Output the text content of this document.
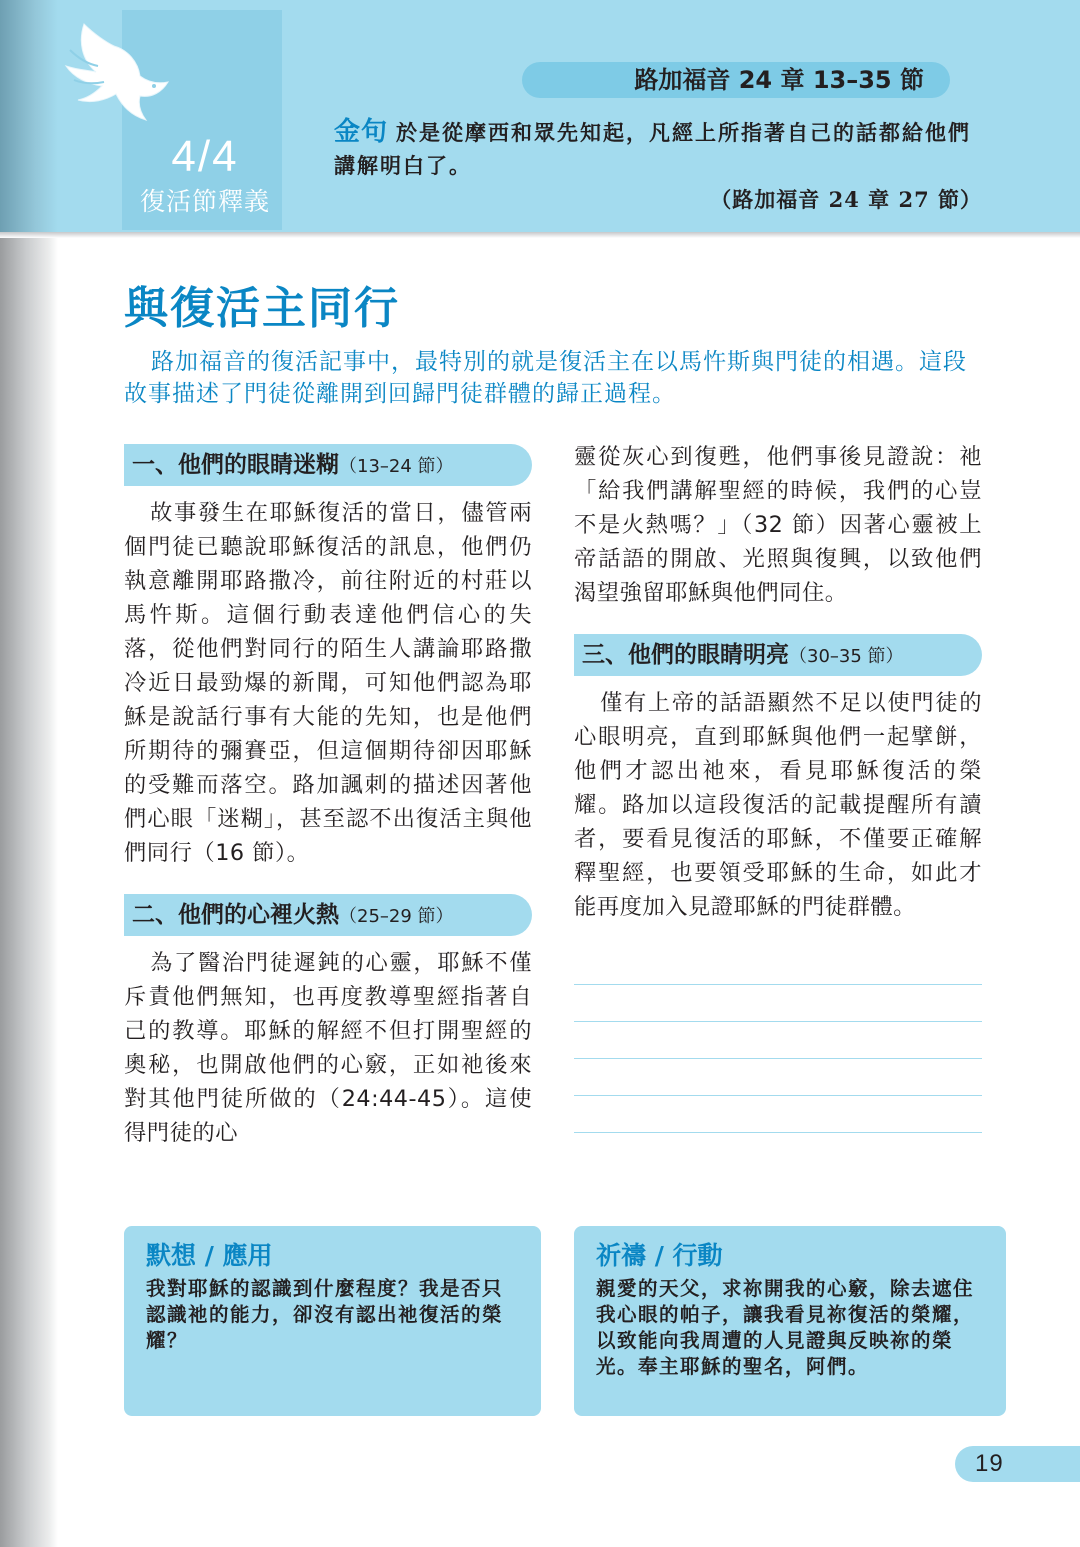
4/4
復活節釋義
路加福音 24 章 13–35 節
金句 於是從摩西和眾先知起，凡經上所指著自己的話都給他們講解明白了。
（路加福音 24 章 27 節）
與復活主同行
路加福音的復活記事中，最特別的就是復活主在以馬忤斯與門徒的相遇。這段故事描述了門徒從離開到回歸門徒群體的歸正過程。
一、他們的眼睛迷糊（13–24 節）
故事發生在耶穌復活的當日，儘管兩個門徒已聽說耶穌復活的訊息，他們仍執意離開耶路撒冷，前往附近的村莊以馬忤斯。這個行動表達他們信心的失落，從他們對同行的陌生人講論耶路撒冷近日最勁爆的新聞，可知他們認為耶穌是說話行事有大能的先知，也是他們所期待的彌賽亞，但這個期待卻因耶穌的受難而落空。路加諷刺的描述因著他們心眼「迷糊」，甚至認不出復活主與他們同行（16 節）。
二、他們的心裡火熱（25–29 節）
為了醫治門徒遲鈍的心靈，耶穌不僅斥責他們無知，也再度教導聖經指著自己的教導。耶穌的解經不但打開聖經的奧秘，也開啟他們的心竅，正如祂後來對其他門徒所做的（24:44-45）。這使得門徒的心
靈從灰心到復甦，他們事後見證說：祂「給我們講解聖經的時候，我們的心豈不是火熱嗎？」（32 節）因著心靈被上帝話語的開啟、光照與復興，以致他們渴望強留耶穌與他們同住。
三、他們的眼睛明亮（30–35 節）
僅有上帝的話語顯然不足以使門徒的心眼明亮，直到耶穌與他們一起擘餅，他們才認出祂來，看見耶穌復活的榮耀。路加以這段復活的記載提醒所有讀者，要看見復活的耶穌，不僅要正確解釋聖經，也要領受耶穌的生命，如此才能再度加入見證耶穌的門徒群體。
默想 / 應用
我對耶穌的認識到什麼程度？我是否只認識祂的能力，卻沒有認出祂復活的榮耀？
祈禱 / 行動
親愛的天父，求祢開我的心竅，除去遮住我心眼的帕子，讓我看見祢復活的榮耀，以致能向我周遭的人見證與反映祢的榮光。奉主耶穌的聖名，阿們。
19
